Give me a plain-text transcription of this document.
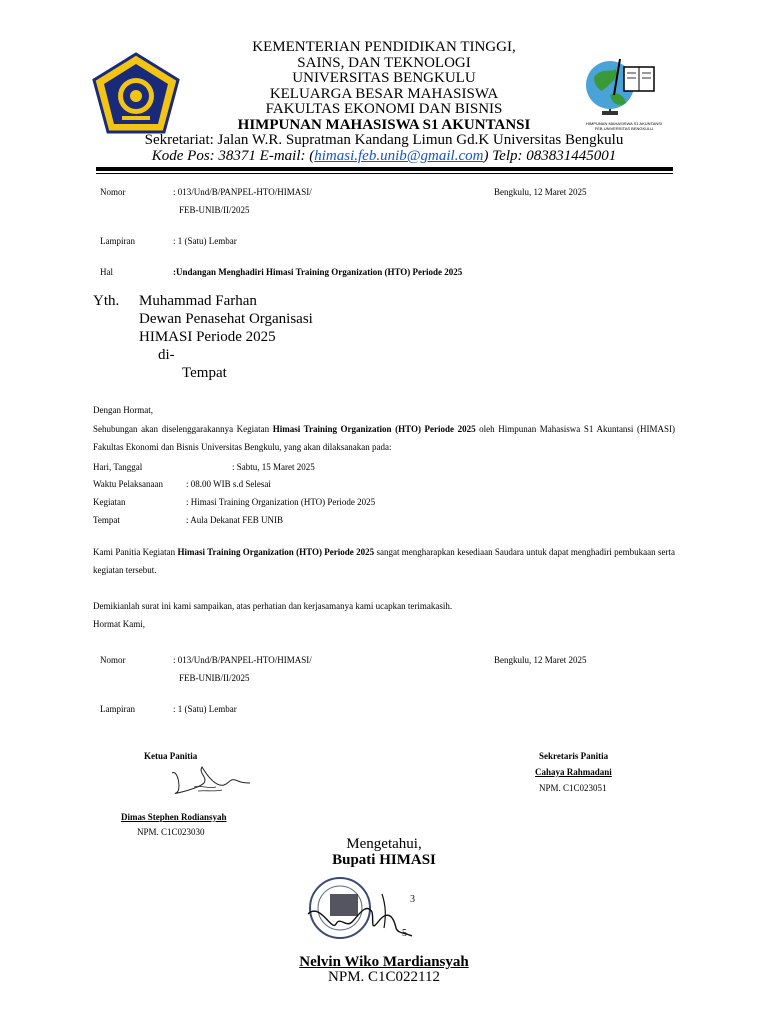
HIMPUNAN MAHASISWA S1 AKUNTANSI
FEB UNIVERSITAS BENGKULU
KEMENTERIAN PENDIDIKAN TINGGI,
SAINS, DAN TEKNOLOGI
UNIVERSITAS BENGKULU
KELUARGA BESAR MAHASISWA
FAKULTAS EKONOMI DAN BISNIS
HIMPUNAN MAHASISWA S1 AKUNTANSI
Sekretariat: Jalan W.R. Supratman Kandang Limun Gd.K Universitas Bengkulu
Kode Pos: 38371 E-mail: (himasi.feb.unib@gmail.com) Telp: 083831445001
Nomor	: 013/Und/B/PANPEL-HTO/HIMASI/
FEB-UNIB/II/2025
Bengkulu, 12 Maret 2025
Lampiran	: 1 (Satu) Lembar
Hal	:Undangan Menghadiri Himasi Training Organization (HTO) Periode 2025
Yth. Muhammad Farhan
Dewan Penasehat Organisasi
HIMASI Periode 2025
di-
Tempat
Dengan Hormat,
Sehubungan akan diselenggarakannya Kegiatan Himasi Training Organization (HTO) Periode 2025 oleh Himpunan Mahasiswa S1 Akuntansi (HIMASI)
Fakultas Ekonomi dan Bisnis Universitas Bengkulu, yang akan dilaksanakan pada:
Hari, Tanggal	: Sabtu, 15 Maret 2025
Waktu Pelaksanaan	: 08.00 WIB s.d Selesai
Kegiatan	: Himasi Training Organization (HTO) Periode 2025
Tempat	: Aula Dekanat FEB UNIB
Kami Panitia Kegiatan Himasi Training Organization (HTO) Periode 2025 sangat mengharapkan kesediaan Saudara untuk dapat menghadiri pembukaan serta
kegiatan tersebut.
Demikianlah surat ini kami sampaikan, atas perhatian dan kerjasamanya kami ucapkan terimakasih.
Hormat Kami,
Nomor	: 013/Und/B/PANPEL-HTO/HIMASI/
FEB-UNIB/II/2025
Bengkulu, 12 Maret 2025
Lampiran	: 1 (Satu) Lembar
Ketua Panitia
Dimas Stephen Rodiansyah
NPM. C1C023030
Sekretaris Panitia
Cahaya Rahmadani
NPM. C1C023051
Mengetahui,
Bupati HIMASI
3
5
Nelvin Wiko Mardiansyah
NPM. C1C022112
